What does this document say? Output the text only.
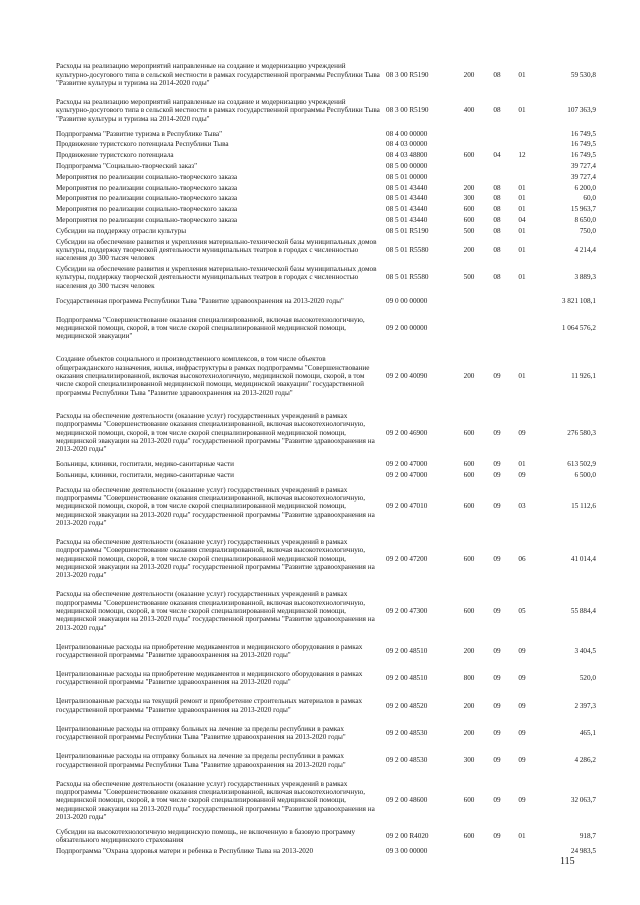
Расходы на реализацию мероприятий направленные на создание и модернизацию учреждений культурно-досугового типа в сельской местности в рамках государственной программы Республики Тыва "Развитие культуры и туризма на 2014-2020 годы"
08 3 00 R5190	200	08	01	59 530,8
Расходы на реализацию мероприятий направленные на создание и модернизацию учреждений культурно-досугового типа в сельской местности в рамках государственной программы Республики Тыва "Развитие культуры и туризма на 2014-2020 годы"
08 3 00 R5190	400	08	01	107 363,9
Подпрограмма "Развитие туризма в Республике Тыва"	08 4 00 00000	16 749,5
Продвижение туристского потенциала Республики Тыва	08 4 03 00000	16 749,5
Продвижение туристского потенциала	08 4 03 48800	600	04	12	16 749,5
Подпрограмма "Социально-творческий заказ"	08 5 00 00000	39 727,4
Мероприятия по реализации социально-творческого заказа	08 5 01 00000	39 727,4
Мероприятия по реализации социально-творческого заказа	08 5 01 43440	200	08	01	6 200,0
Мероприятия по реализации социально-творческого заказа	08 5 01 43440	300	08	01	60,0
Мероприятия по реализации социально-творческого заказа	08 5 01 43440	600	08	01	15 963,7
Мероприятия по реализации социально-творческого заказа	08 5 01 43440	600	08	04	8 650,0
Субсидии на поддержку отрасли культуры	08 5 01 R5190	500	08	01	750,0
Субсидии на обеспечение развития и укрепления материально-технической базы муниципальных домов культуры, поддержку творческой деятельности муниципальных театров в городах с численностью населения до 300 тысяч человек
08 5 01 R5580	200	08	01	4 214,4
Субсидии на обеспечение развития и укрепления материально-технической базы муниципальных домов культуры, поддержку творческой деятельности муниципальных театров в городах с численностью населения до 300 тысяч человек
08 5 01 R5580	500	08	01	3 889,3
Государственная программа Республики Тыва "Развитие здравоохранения на 2013-2020 годы"	09 0 00 00000	3 821 108,1
Подпрограмма "Совершенствование оказания специализированной, включая высокотехнологичную, медицинской помощи, скорой, в том числе скорой специализированной медицинской помощи, медицинской эвакуации"
09 2 00 00000	1 064 576,2
Создание объектов социального и производственного комплексов, в том числе объектов общегражданского назначения, жилья, инфраструктуры в рамках подпрограммы "Совершенствование оказания специализированной, включая высокотехнологичную, медицинской помощи, скорой, в том числе скорой специализированной медицинской помощи, медицинской эвакуации" государственной программы Республики Тыва "Развитие здравоохранения на 2013-2020 годы"
09 2 00 40090	200	09	01	11 926,1
Расходы на обеспечение деятельности (оказание услуг) государственных учреждений в рамках подпрограммы "Совершенствование оказания специализированной, включая высокотехнологичную, медицинской помощи, скорой, в том числе скорой специализированной медицинской помощи, медицинской эвакуации на 2013-2020 годы" государственной программы "Развитие здравоохранения на 2013-2020 годы"
09 2 00 46900	600	09	09	276 580,3
Больницы, клиники, госпитали, медико-санитарные части	09 2 00 47000	600	09	01	613 502,9
Больницы, клиники, госпитали, медико-санитарные части	09 2 00 47000	600	09	09	6 500,0
Расходы на обеспечение деятельности (оказание услуг) государственных учреждений в рамках подпрограммы "Совершенствование оказания специализированной, включая высокотехнологичную, медицинской помощи, скорой, в том числе скорой специализированной медицинской помощи, медицинской эвакуации на 2013-2020 годы" государственной программы "Развитие здравоохранения на 2013-2020 годы"
09 2 00 47010	600	09	03	15 112,6
Расходы на обеспечение деятельности (оказание услуг) государственных учреждений в рамках подпрограммы "Совершенствование оказания специализированной, включая высокотехнологичную, медицинской помощи, скорой, в том числе скорой специализированной медицинской помощи, медицинской эвакуации на 2013-2020 годы" государственной программы "Развитие здравоохранения на 2013-2020 годы"
09 2 00 47200	600	09	06	41 014,4
Расходы на обеспечение деятельности (оказание услуг) государственных учреждений в рамках подпрограммы "Совершенствование оказания специализированной, включая высокотехнологичную, медицинской помощи, скорой, в том числе скорой специализированной медицинской помощи, медицинской эвакуации на 2013-2020 годы" государственной программы "Развитие здравоохранения на 2013-2020 годы"
09 2 00 47300	600	09	05	55 884,4
Централизованные расходы на приобретение медикаментов и медицинского оборудования в рамках государственной программы "Развитие здравоохранения на 2013-2020 годы"
09 2 00 48510	200	09	09	3 404,5
Централизованные расходы на приобретение медикаментов и медицинского оборудования в рамках государственной программы "Развитие здравоохранения на 2013-2020 годы"
09 2 00 48510	800	09	09	520,0
Централизованные расходы на текущий ремонт и приобретение строительных материалов в рамках государственной программы "Развитие здравоохранения на 2013-2020 годы"
09 2 00 48520	200	09	09	2 397,3
Централизованные расходы на отправку больных на лечение за пределы республики в рамках государственной программы Республики Тыва "Развитие здравоохранения на 2013-2020 годы"
09 2 00 48530	200	09	09	465,1
Централизованные расходы на отправку больных на лечение за пределы республики в рамках государственной программы Республики Тыва "Развитие здравоохранения на 2013-2020 годы"
09 2 00 48530	300	09	09	4 286,2
Расходы на обеспечение деятельности (оказание услуг) государственных учреждений в рамках подпрограммы "Совершенствование оказания специализированной, включая высокотехнологичную, медицинской помощи, скорой, в том числе скорой специализированной медицинской помощи, медицинской эвакуации на 2013-2020 годы" государственной программы "Развитие здравоохранения на 2013-2020 годы"
09 2 00 48600	600	09	09	32 063,7
Субсидии на высокотехнологичную медицинскую помощь, не включенную в базовую программу обязательного медицинского страхования
09 2 00 R4020	600	09	01	918,7
Подпрограмма "Охрана здоровья матери и ребенка в Республике Тыва на 2013-2020	09 3 00 00000	24 983,5
115
